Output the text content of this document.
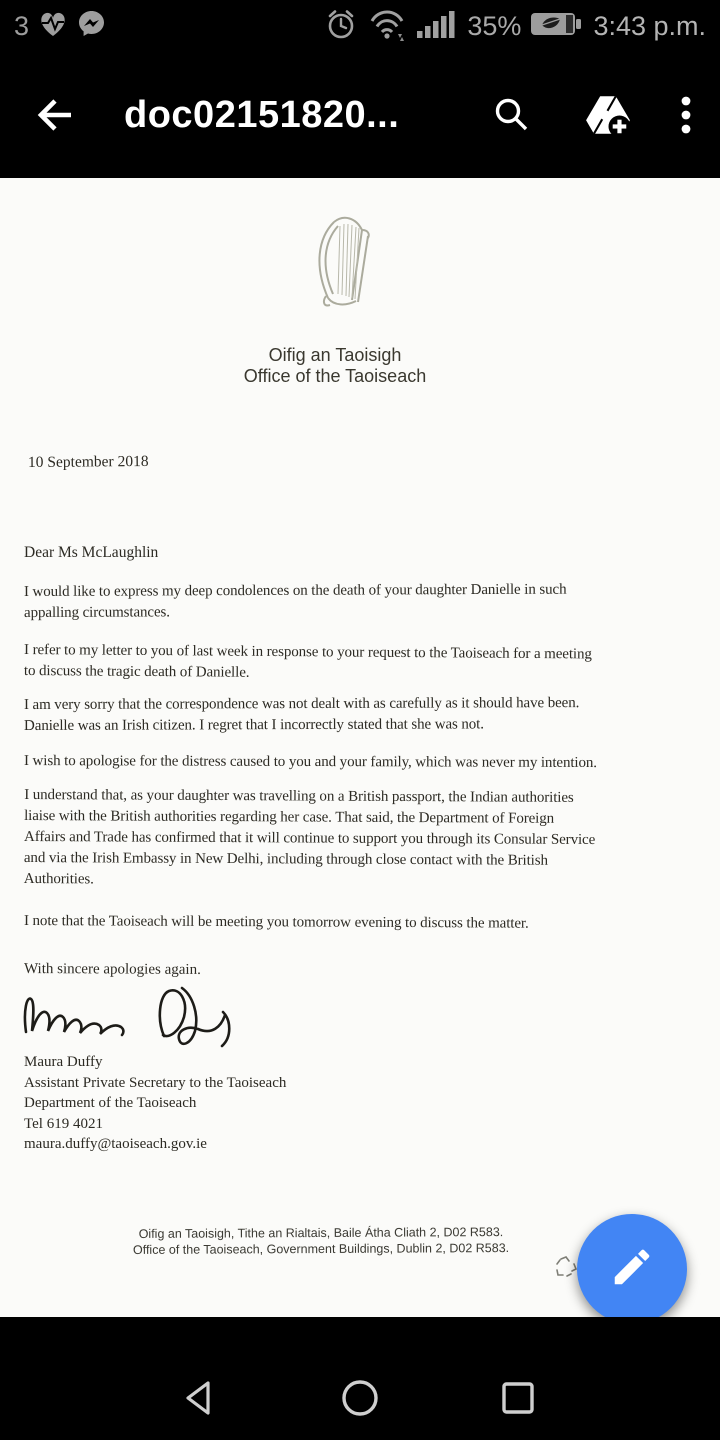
3	35%	3:43 p.m.
doc02151820...
Oifig an Taoisigh
Office of the Taoiseach
10 September 2018
Dear Ms McLaughlin
I would like to express my deep condolences on the death of your daughter Danielle in such
appalling circumstances.
I refer to my letter to you of last week in response to your request to the Taoiseach for a meeting
to discuss the tragic death of Danielle.
I am very sorry that the correspondence was not dealt with as carefully as it should have been.
Danielle was an Irish citizen. I regret that I incorrectly stated that she was not.
I wish to apologise for the distress caused to you and your family, which was never my intention.
I understand that, as your daughter was travelling on a British passport, the Indian authorities
liaise with the British authorities regarding her case. That said, the Department of Foreign
Affairs and Trade has confirmed that it will continue to support you through its Consular Service
and via the Irish Embassy in New Delhi, including through close contact with the British
Authorities.
I note that the Taoiseach will be meeting you tomorrow evening to discuss the matter.
With sincere apologies again.
Maura Duffy
Assistant Private Secretary to the Taoiseach
Department of the Taoiseach
Tel 619 4021
maura.duffy@taoiseach.gov.ie
Oifig an Taoisigh, Tithe an Rialtais, Baile Átha Cliath 2, D02 R583.
Office of the Taoiseach, Government Buildings, Dublin 2, D02 R583.
